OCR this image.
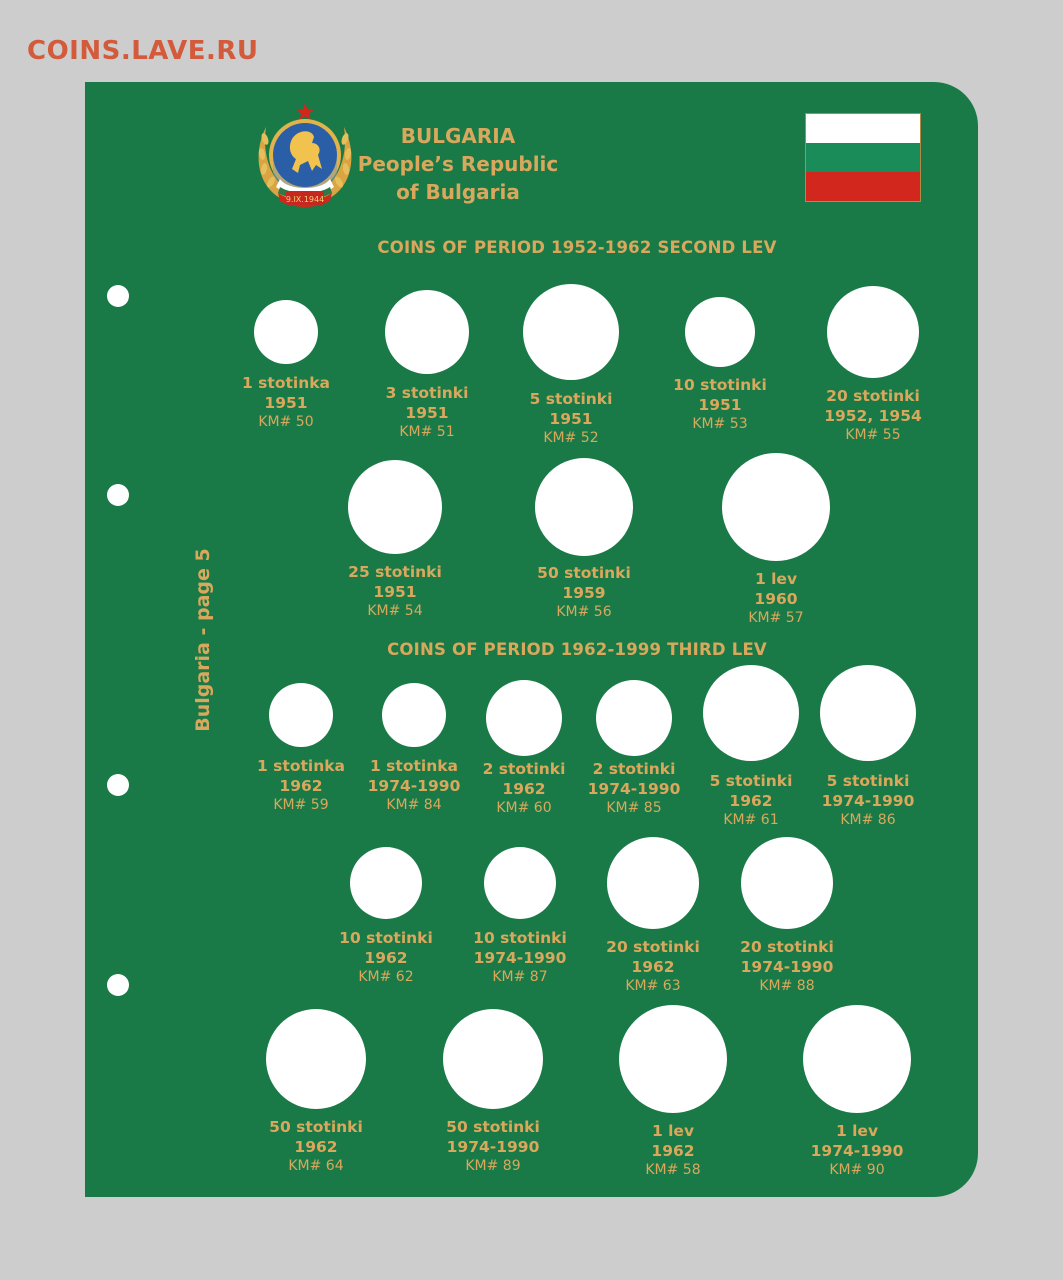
COINS.LAVE.RU
9.IX.1944
BULGARIA
People’s Republic
of Bulgaria
COINS OF PERIOD 1952-1962 SECOND LEV
COINS OF PERIOD 1962-1999 THIRD LEV
Bulgaria - page 5
1 stotinka
1951
KM# 50
3 stotinki
1951
KM# 51
5 stotinki
1951
KM# 52
10 stotinki
1951
KM# 53
20 stotinki
1952, 1954
KM# 55
25 stotinki
1951
KM# 54
50 stotinki
1959
KM# 56
1 lev
1960
KM# 57
1 stotinka
1962
KM# 59
1 stotinka
1974-1990
KM# 84
2 stotinki
1962
KM# 60
2 stotinki
1974-1990
KM# 85
5 stotinki
1962
KM# 61
5 stotinki
1974-1990
KM# 86
10 stotinki
1962
KM# 62
10 stotinki
1974-1990
KM# 87
20 stotinki
1962
KM# 63
20 stotinki
1974-1990
KM# 88
50 stotinki
1962
KM# 64
50 stotinki
1974-1990
KM# 89
1 lev
1962
KM# 58
1 lev
1974-1990
KM# 90
